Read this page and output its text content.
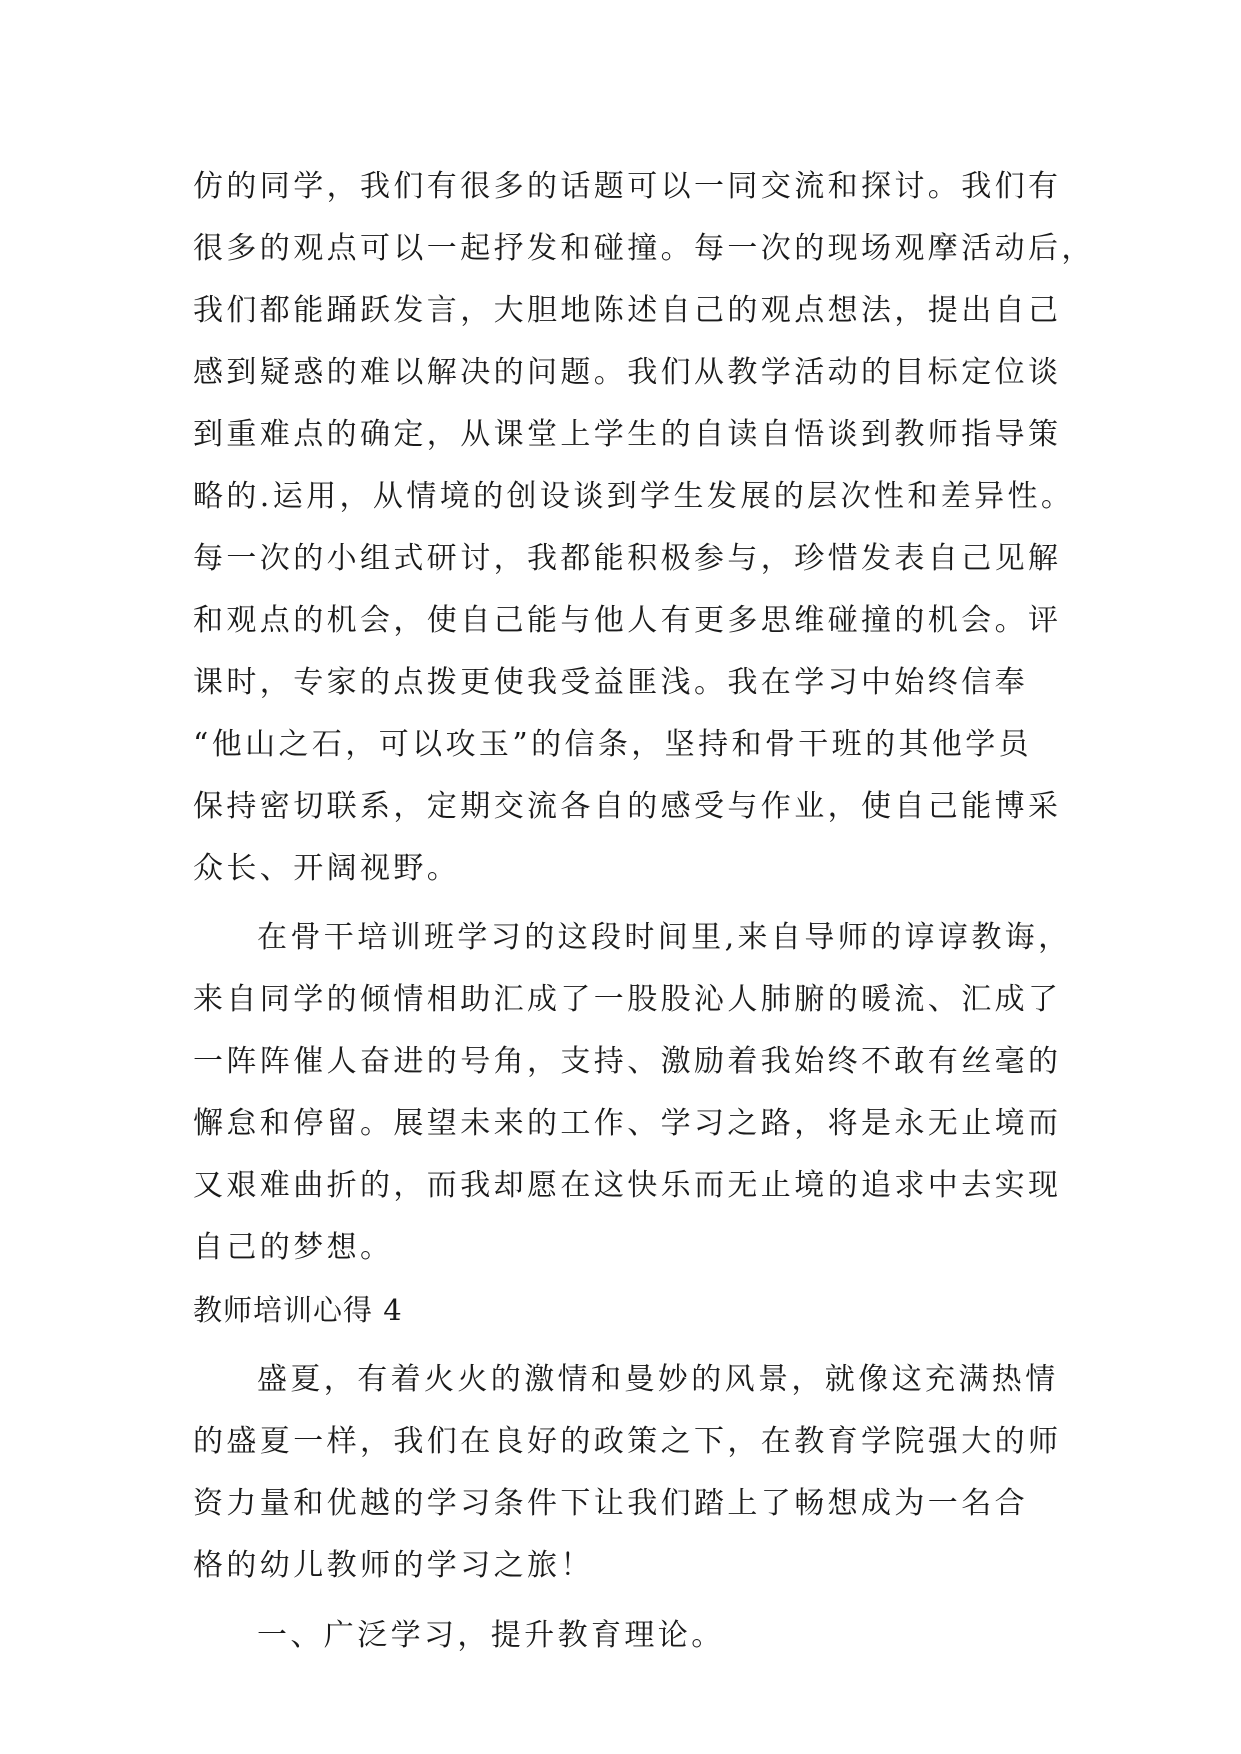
仿的同学，我们有很多的话题可以一同交流和探讨。我们有
很多的观点可以一起抒发和碰撞。每一次的现场观摩活动后，
我们都能踊跃发言，大胆地陈述自己的观点想法，提出自己
感到疑惑的难以解决的问题。我们从教学活动的目标定位谈
到重难点的确定，从课堂上学生的自读自悟谈到教师指导策
略的.运用，从情境的创设谈到学生发展的层次性和差异性。
每一次的小组式研讨，我都能积极参与，珍惜发表自己见解
和观点的机会，使自己能与他人有更多思维碰撞的机会。评
课时，专家的点拨更使我受益匪浅。我在学习中始终信奉
“他山之石，可以攻玉”的信条，坚持和骨干班的其他学员
保持密切联系，定期交流各自的感受与作业，使自己能博采
众长、开阔视野。
在骨干培训班学习的这段时间里,来自导师的谆谆教诲，
来自同学的倾情相助汇成了一股股沁人肺腑的暖流、汇成了
一阵阵催人奋进的号角，支持、激励着我始终不敢有丝毫的
懈怠和停留。展望未来的工作、学习之路，将是永无止境而
又艰难曲折的，而我却愿在这快乐而无止境的追求中去实现
自己的梦想。
教师培训心得 4
盛夏，有着火火的激情和曼妙的风景，就像这充满热情
的盛夏一样，我们在良好的政策之下，在教育学院强大的师
资力量和优越的学习条件下让我们踏上了畅想成为一名合
格的幼儿教师的学习之旅！
一、广泛学习，提升教育理论。
